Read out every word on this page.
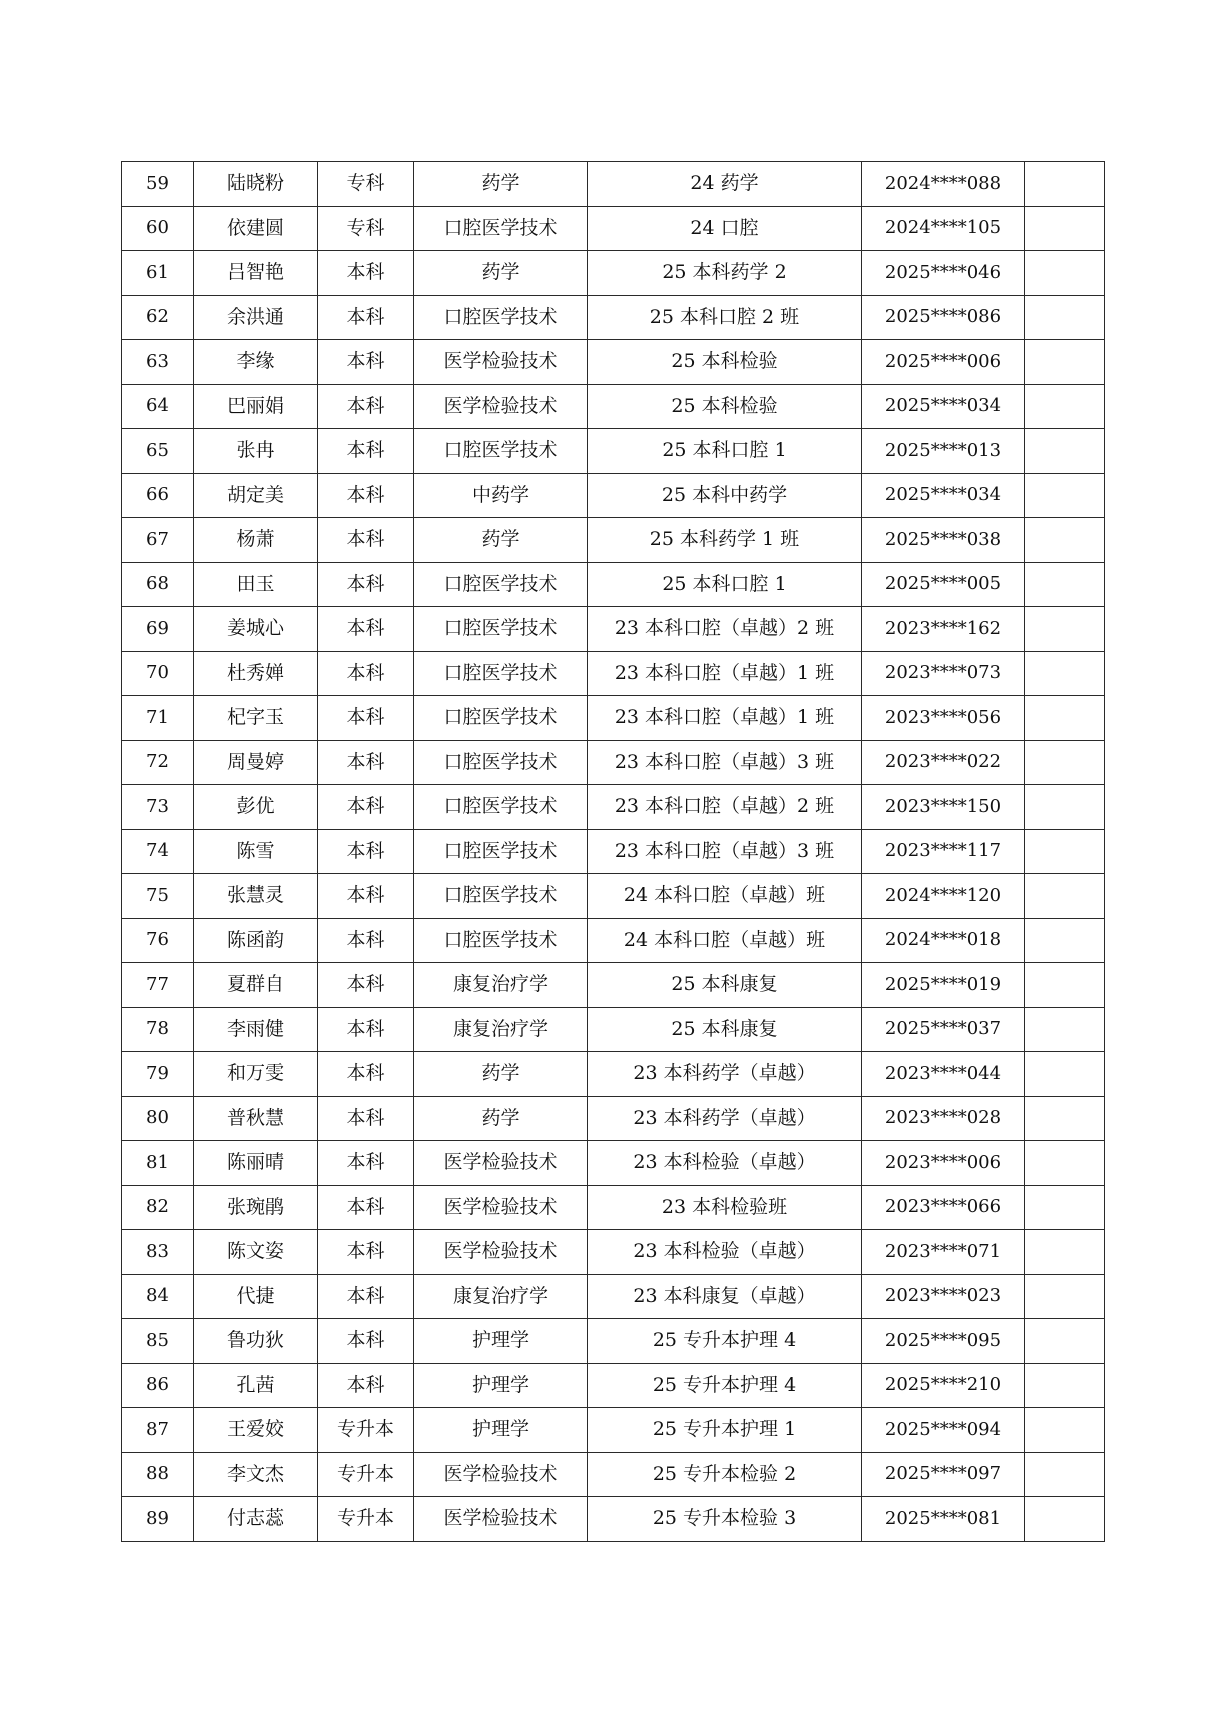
59	陆晓粉	专科	药学	24 药学	2024****088	
60	依建圆	专科	口腔医学技术	24 口腔	2024****105	
61	吕智艳	本科	药学	25 本科药学 2	2025****046	
62	余洪通	本科	口腔医学技术	25 本科口腔 2 班	2025****086	
63	李缘	本科	医学检验技术	25 本科检验	2025****006	
64	巴丽娟	本科	医学检验技术	25 本科检验	2025****034	
65	张冉	本科	口腔医学技术	25 本科口腔 1	2025****013	
66	胡定美	本科	中药学	25 本科中药学	2025****034	
67	杨萧	本科	药学	25 本科药学 1 班	2025****038	
68	田玉	本科	口腔医学技术	25 本科口腔 1	2025****005	
69	姜城心	本科	口腔医学技术	23 本科口腔（卓越）2 班	2023****162	
70	杜秀婵	本科	口腔医学技术	23 本科口腔（卓越）1 班	2023****073	
71	杞字玉	本科	口腔医学技术	23 本科口腔（卓越）1 班	2023****056	
72	周曼婷	本科	口腔医学技术	23 本科口腔（卓越）3 班	2023****022	
73	彭优	本科	口腔医学技术	23 本科口腔（卓越）2 班	2023****150	
74	陈雪	本科	口腔医学技术	23 本科口腔（卓越）3 班	2023****117	
75	张慧灵	本科	口腔医学技术	24 本科口腔（卓越）班	2024****120	
76	陈函韵	本科	口腔医学技术	24 本科口腔（卓越）班	2024****018	
77	夏群自	本科	康复治疗学	25 本科康复	2025****019	
78	李雨健	本科	康复治疗学	25 本科康复	2025****037	
79	和万雯	本科	药学	23 本科药学（卓越）	2023****044	
80	普秋慧	本科	药学	23 本科药学（卓越）	2023****028	
81	陈丽晴	本科	医学检验技术	23 本科检验（卓越）	2023****006	
82	张琬鹃	本科	医学检验技术	23 本科检验班	2023****066	
83	陈文姿	本科	医学检验技术	23 本科检验（卓越）	2023****071	
84	代捷	本科	康复治疗学	23 本科康复（卓越）	2023****023	
85	鲁功狄	本科	护理学	25 专升本护理 4	2025****095	
86	孔茜	本科	护理学	25 专升本护理 4	2025****210	
87	王爱姣	专升本	护理学	25 专升本护理 1	2025****094	
88	李文杰	专升本	医学检验技术	25 专升本检验 2	2025****097	
89	付志蕊	专升本	医学检验技术	25 专升本检验 3	2025****081	
